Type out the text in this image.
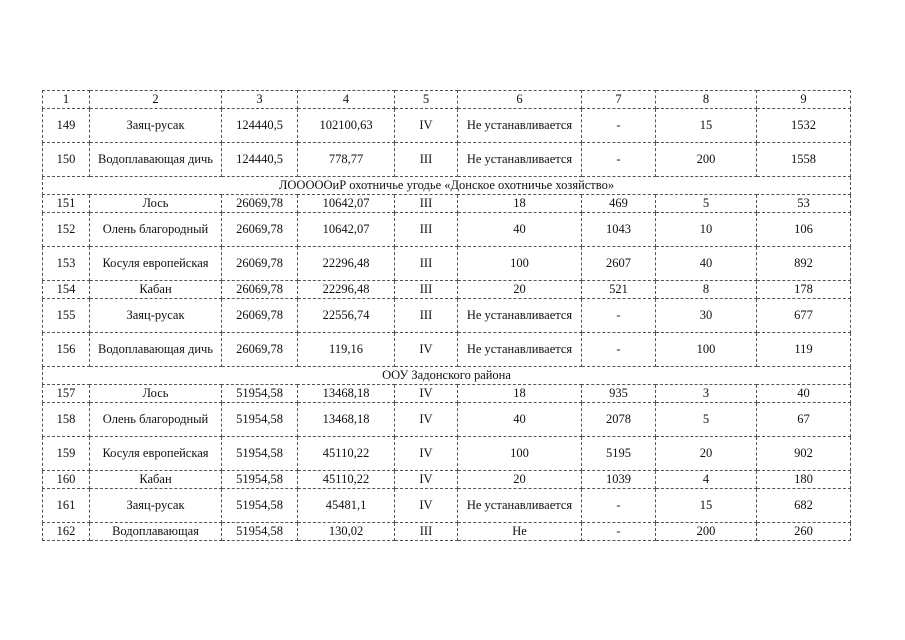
1	2	3	4	5	6	7	8	9
149	Заяц-русак	124440,5	102100,63	IV	Не устанавливается	-	15	1532
150	Водоплавающая дичь	124440,5	778,77	III	Не устанавливается	-	200	1558
ЛОООООиР охотничье угодье «Донское охотничье хозяйство»								
151	Лось	26069,78	10642,07	III	18	469	5	53
152	Олень благородный	26069,78	10642,07	III	40	1043	10	106
153	Косуля европейская	26069,78	22296,48	III	100	2607	40	892
154	Кабан	26069,78	22296,48	III	20	521	8	178
155	Заяц-русак	26069,78	22556,74	III	Не устанавливается	-	30	677
156	Водоплавающая дичь	26069,78	119,16	IV	Не устанавливается	-	100	119
ООУ Задонского района								
157	Лось	51954,58	13468,18	IV	18	935	3	40
158	Олень благородный	51954,58	13468,18	IV	40	2078	5	67
159	Косуля европейская	51954,58	45110,22	IV	100	5195	20	902
160	Кабан	51954,58	45110,22	IV	20	1039	4	180
161	Заяц-русак	51954,58	45481,1	IV	Не устанавливается	-	15	682
162	Водоплавающая	51954,58	130,02	III	Не	-	200	260
